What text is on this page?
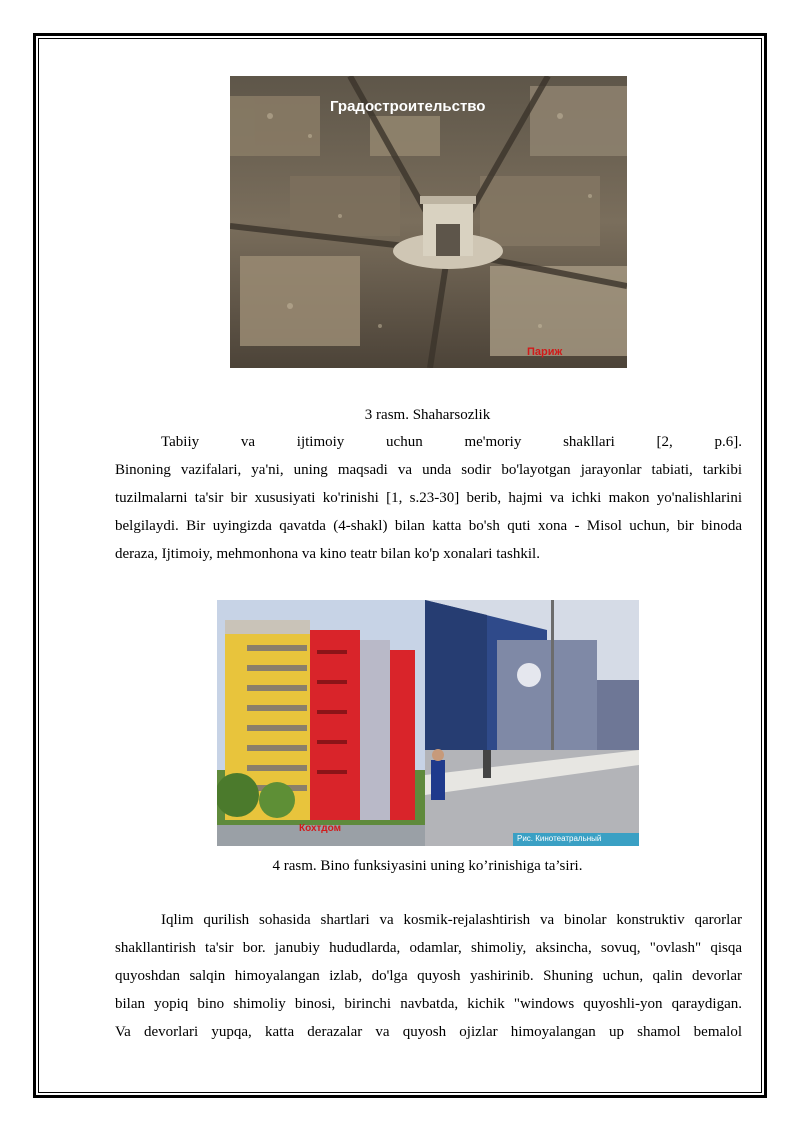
Градостроительство
Париж
3 rasm. Shaharsozlik
Tabiiy va ijtimoiy uchun me'moriy shakllari [2, p.6].
Binoning vazifalari, ya'ni, uning maqsadi va unda sodir bo'layotgan jarayonlar tabiati, tarkibi
tuzilmalarni ta'sir bir xususiyati ko'rinishi [1, s.23-30] berib, hajmi va ichki makon yo'nalishlarini
belgilaydi. Bir uyingizda qavatda (4-shakl) bilan katta bo'sh quti xona - Misol uchun, bir binoda
deraza, Ijtimoiy, mehmonhona va kino teatr bilan ko'p xonalari tashkil.
Кохтдом
Рис. Кинотеатральный
4 rasm. Bino funksiyasini uning ko’rinishiga ta’siri.
Iqlim qurilish sohasida shartlari va kosmik-rejalashtirish va binolar konstruktiv qarorlar
shakllantirish ta'sir bor. janubiy hududlarda, odamlar, shimoliy, aksincha, sovuq, "ovlash" qisqa
quyoshdan salqin himoyalangan izlab, do'lga quyosh yashirinib. Shuning uchun, qalin devorlar
bilan yopiq bino shimoliy binosi, birinchi navbatda, kichik "windows quyoshli-yon qaraydigan.
Va devorlari yupqa, katta derazalar va quyosh ojizlar himoyalangan up shamol bemalol
